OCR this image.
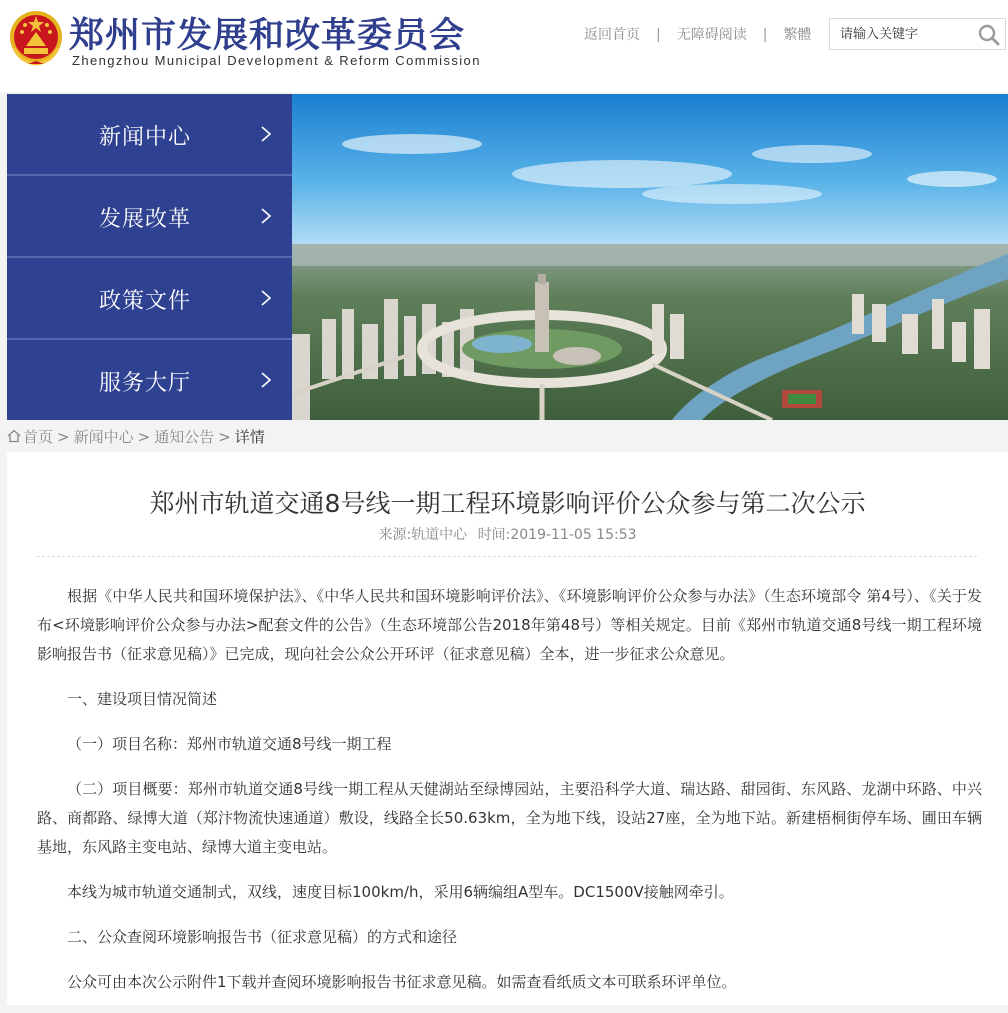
郑州市发展和改革委员会
Zhengzhou Municipal Development & Reform Commission
返回首页 | 无障碍阅读 | 繁體
请输入关键字
新闻中心
发展改革
政策文件
服务大厅
首页 > 新闻中心 > 通知公告 > 详情
郑州市轨道交通8号线一期工程环境影响评价公众参与第二次公示
来源:轨道中心 时间:2019-11-05 15:53

根据《中华人民共和国环境保护法》、《中华人民共和国环境影响评价法》、《环境影响评价公众参与办法》（生态环境部令 第4号）、《关于发布<环境影响评价公众参与办法>配套文件的公告》（生态环境部公告2018年第48号）等相关规定。目前《郑州市轨道交通8号线一期工程环境影响报告书（征求意见稿）》已完成，现向社会公众公开环评（征求意见稿）全本，进一步征求公众意见。

一、建设项目情况简述

（一）项目名称：郑州市轨道交通8号线一期工程

（二）项目概要：郑州市轨道交通8号线一期工程从天健湖站至绿博园站，主要沿科学大道、瑞达路、甜园街、东风路、龙湖中环路、中兴路、商都路、绿博大道（郑汴物流快速通道）敷设，线路全长50.63km，全为地下线，设站27座，全为地下站。新建梧桐街停车场、圃田车辆基地，东风路主变电站、绿博大道主变电站。

本线为城市轨道交通制式，双线，速度目标100km/h，采用6辆编组A型车。DC1500V接触网牵引。

二、公众查阅环境影响报告书（征求意见稿）的方式和途径

公众可由本次公示附件1下载并查阅环境影响报告书征求意见稿。如需查看纸质文本可联系环评单位。
